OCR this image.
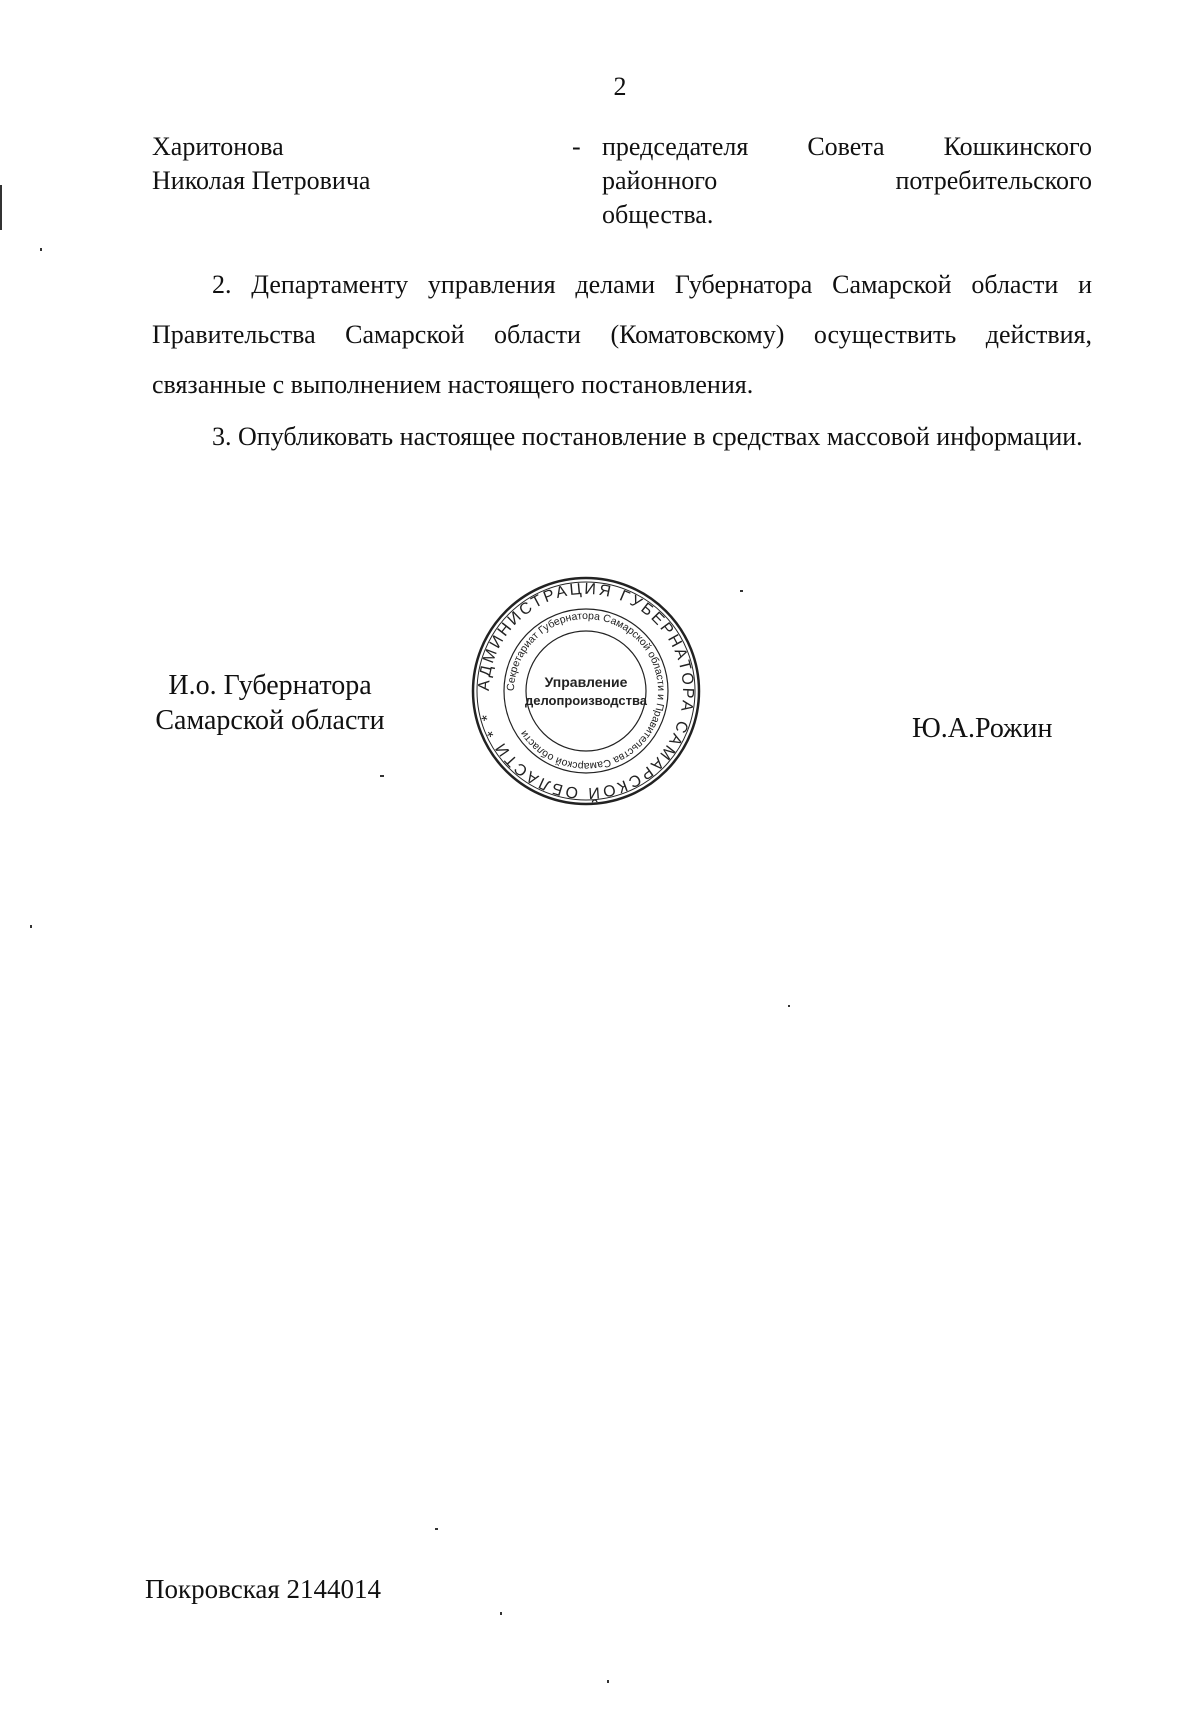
2
Харитонова
Николая Петровича
- председателя Совета Кошкинского
районного	потребительского
общества.
2. Департаменту управления делами Губернатора Самарской области и Правительства Самарской области (Коматовскому) осуществить действия, связанные с выполнением настоящего постановления.
3. Опубликовать настоящее постановление в средствах массовой информации.
И.о. Губернатора
Самарской области
АДМИНИСТРАЦИЯ ГУБЕРНАТОРА САМАРСКОЙ ОБЛАСТИ * *
Секретариат Губернатора Самарской области и Правительства Самарской области
Управление
делопроизводства
Ю.А.Рожин
Покровская 2144014
